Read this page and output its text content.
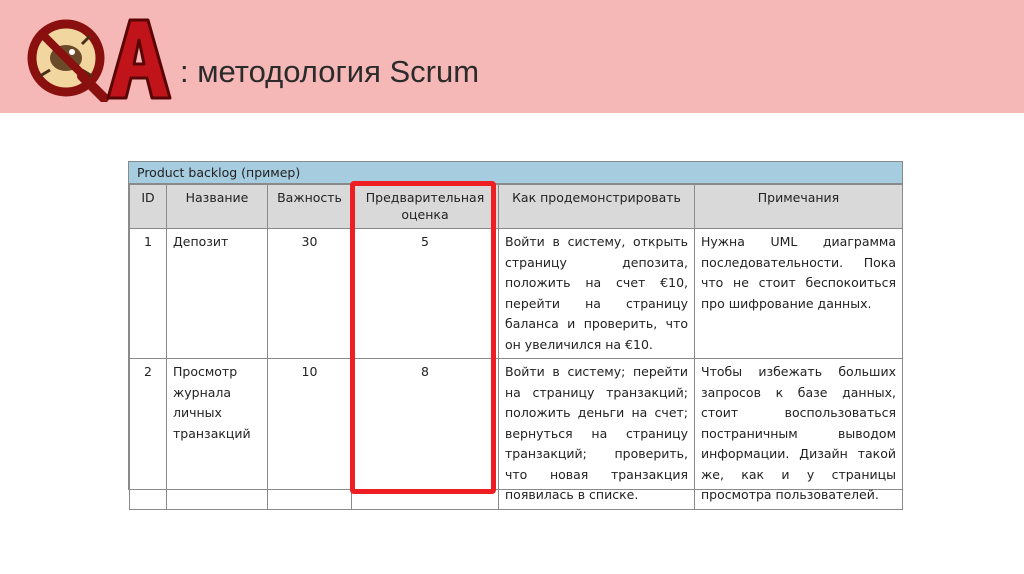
QA
: методология Scrum
Product backlog (пример)
ID	Название	Важность	Предварительная оценка	Как продемонстрировать	Примечания
1	Депозит	30	5	Войти в систему, открыть страницу депозита, положить на счет €10, перейти на страницу баланса и проверить, что он увеличился на €10.	Нужна UML диаграмма последовательности. Пока что не стоит беспокоиться про шифрование данных.
2	Просмотр журнала личных транзакций	10	8	Войти в систему; перейти на страницу транзакций; положить деньги на счет; вернуться на страницу транзакций; проверить, что новая транзакция появилась в списке.	Чтобы избежать больших запросов к базе данных, стоит воспользоваться постраничным выводом информации. Дизайн такой же, как и у страницы просмотра пользователей.
